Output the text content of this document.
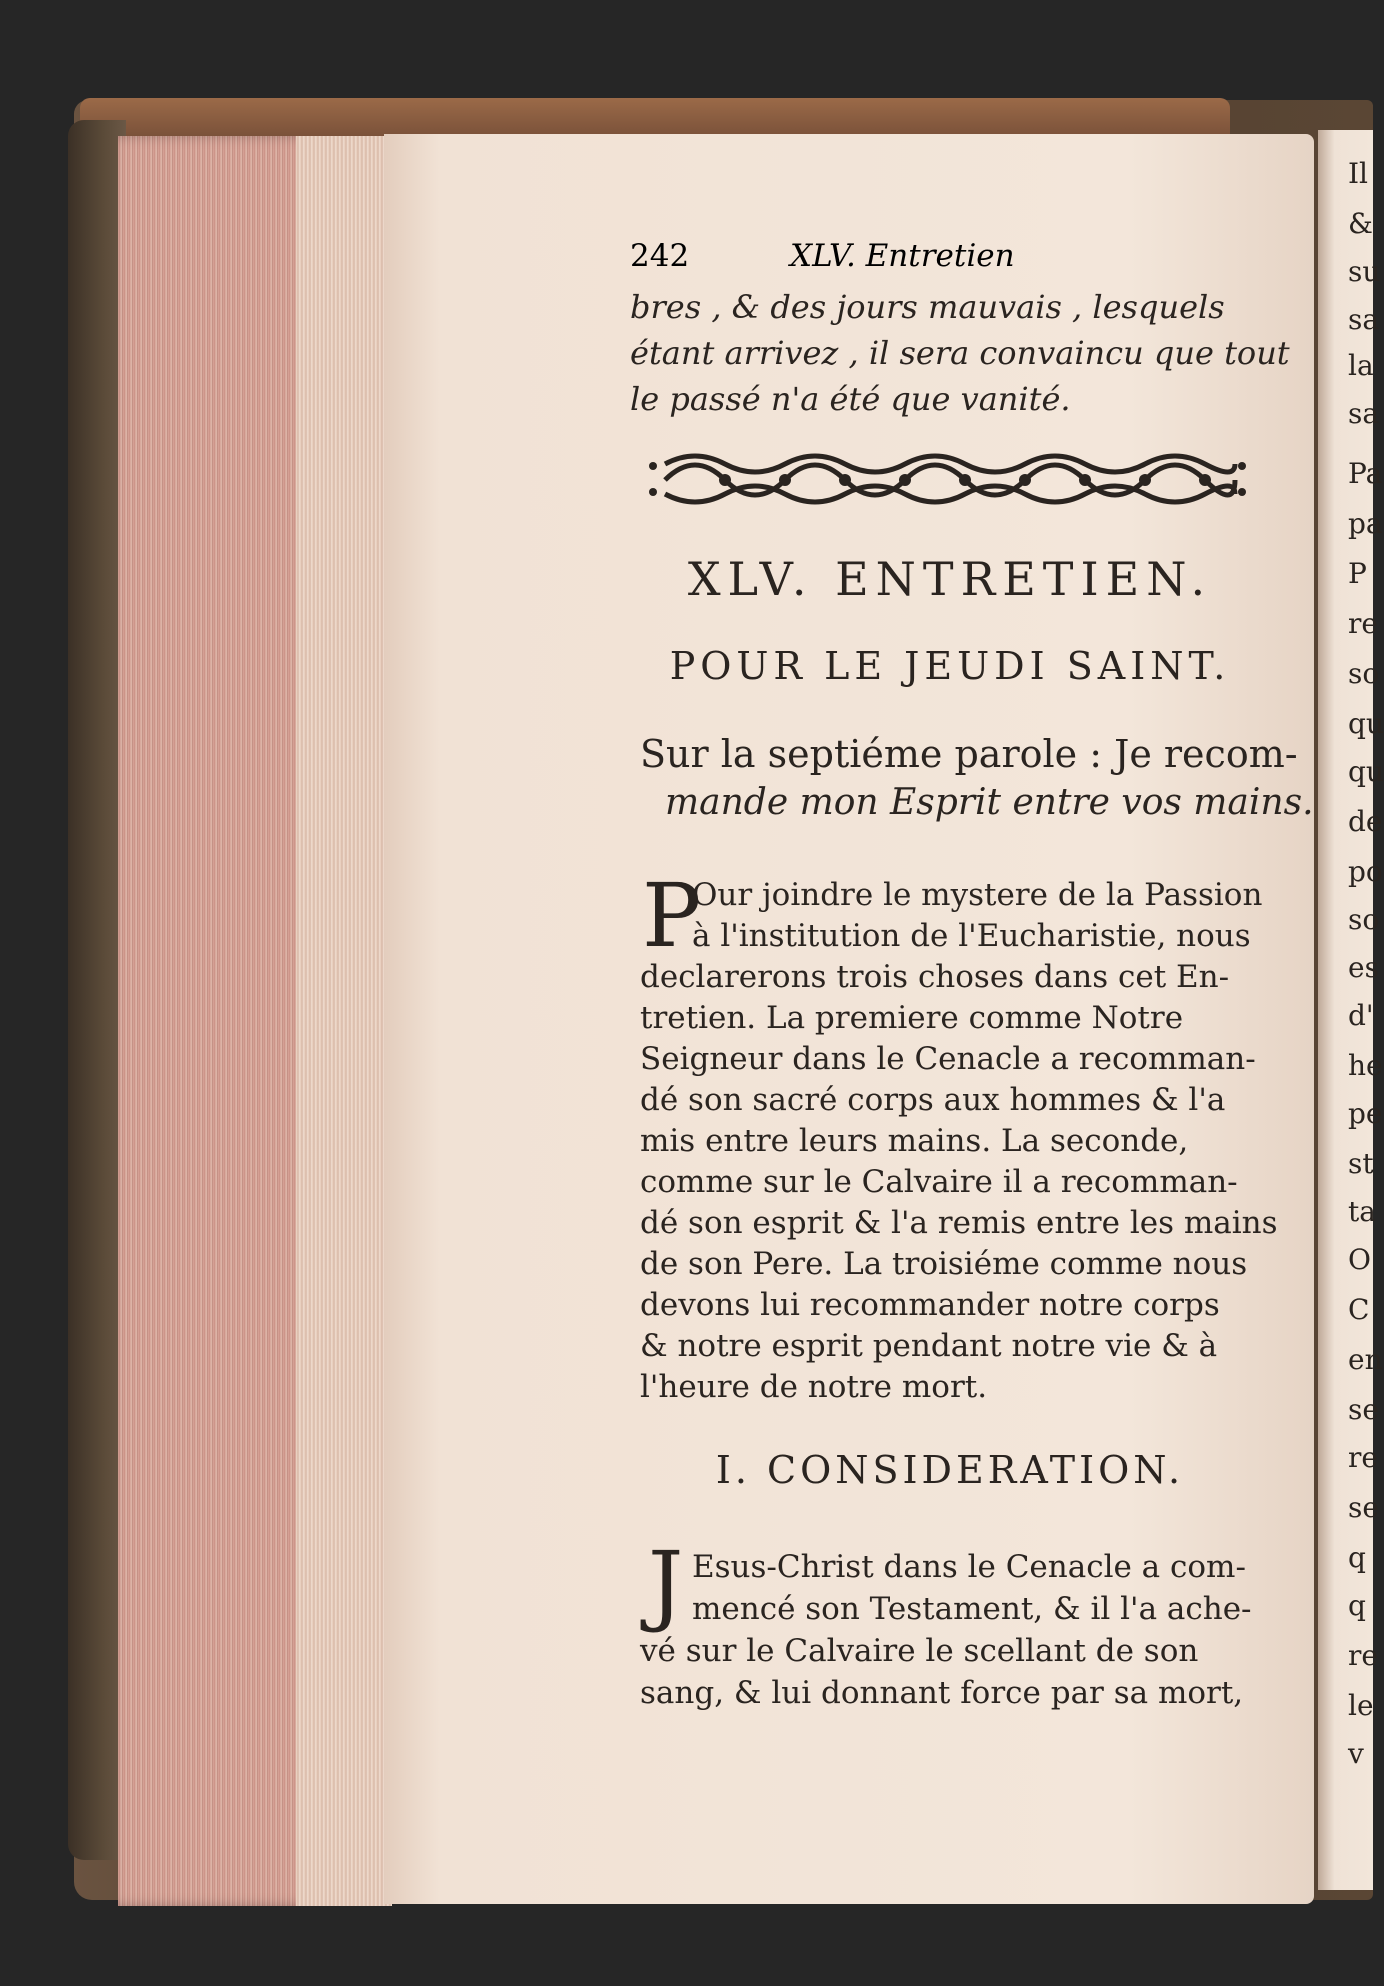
Il
&
su
sa
la
sa
Pa
pa
P
re
so
qu
qu
de
po
so
es
d'
he
pe
st
ta
O
C
en
se
re
se
q
q
re
le
v
242	XLV. Entretien
bres , & des jours mauvais , lesquels
étant arrivez , il sera convaincu que tout
le passé n'a été que vanité.
XLV. ENTRETIEN.
POUR LE JEUDI SAINT.
Sur la septiéme parole : Je recom-
mande mon Esprit entre vos mains.
P
Our joindre le mystere de la Passion
à l'institution de l'Eucharistie, nous
declarerons trois choses dans cet En-
tretien. La premiere comme Notre
Seigneur dans le Cenacle a recomman-
dé son sacré corps aux hommes & l'a
mis entre leurs mains. La seconde,
comme sur le Calvaire il a recomman-
dé son esprit & l'a remis entre les mains
de son Pere. La troisiéme comme nous
devons lui recommander notre corps
& notre esprit pendant notre vie & à
l'heure de notre mort.
I. CONSIDERATION.
J Esus-Christ dans le Cenacle a com-
mencé son Testament, & il l'a ache-
vé sur le Calvaire le scellant de son
sang, & lui donnant force par sa mort,
